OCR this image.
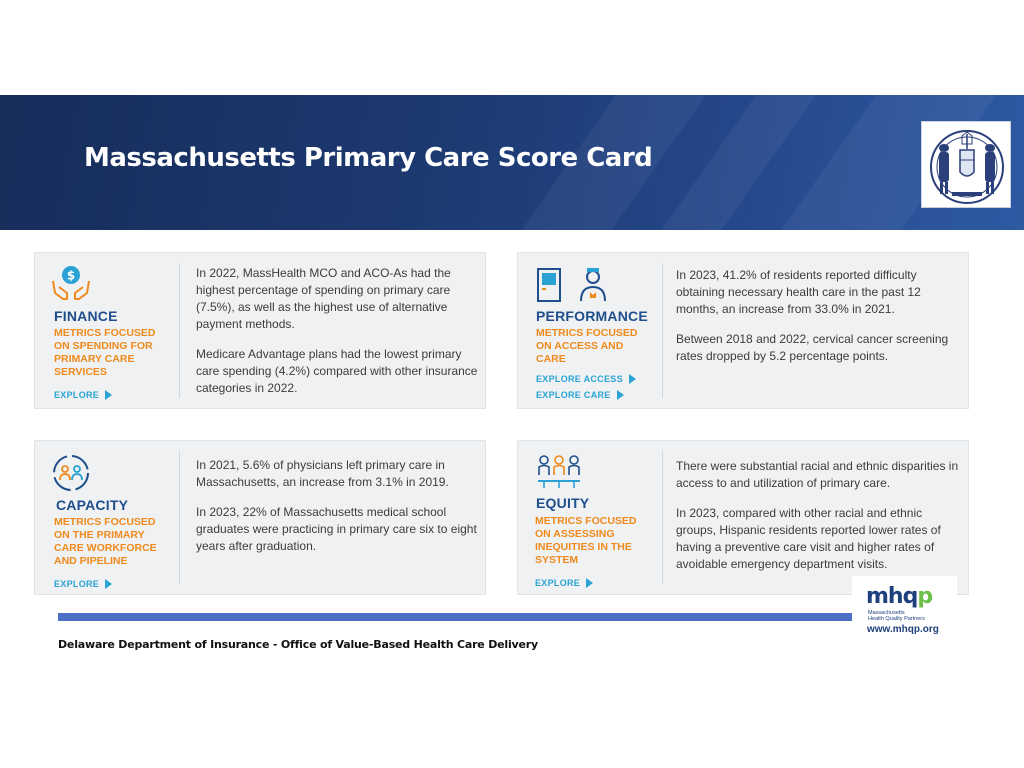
Massachusetts Primary Care Score Card
$
FINANCE
METRICS FOCUSED
ON SPENDING FOR
PRIMARY CARE
SERVICES
EXPLORE
In 2022, MassHealth MCO and ACO-As had the highest percentage of spending on primary care (7.5%), as well as the highest use of alternative payment methods.
Medicare Advantage plans had the lowest primary care spending (4.2%) compared with other insurance categories in 2022.
PERFORMANCE
METRICS FOCUSED
ON ACCESS AND
CARE
EXPLORE ACCESS
EXPLORE CARE
In 2023, 41.2% of residents reported difficulty obtaining necessary health care in the past 12 months, an increase from 33.0% in 2021.
Between 2018 and 2022, cervical cancer screening rates dropped by 5.2 percentage points.
CAPACITY
METRICS FOCUSED
ON THE PRIMARY
CARE WORKFORCE
AND PIPELINE
EXPLORE
In 2021, 5.6% of physicians left primary care in Massachusetts, an increase from 3.1% in 2019.
In 2023, 22% of Massachusetts medical school graduates were practicing in primary care six to eight years after graduation.
EQUITY
METRICS FOCUSED
ON ASSESSING
INEQUITIES IN THE
SYSTEM
EXPLORE
There were substantial racial and ethnic disparities in access to and utilization of primary care.
In 2023, compared with other racial and ethnic groups, Hispanic residents reported lower rates of having a preventive care visit and higher rates of avoidable emergency department visits.
mhqp
Massachusetts
Health Quality Partners
www.mhqp.org
Delaware Department of Insurance - Office of Value-Based Health Care Delivery
